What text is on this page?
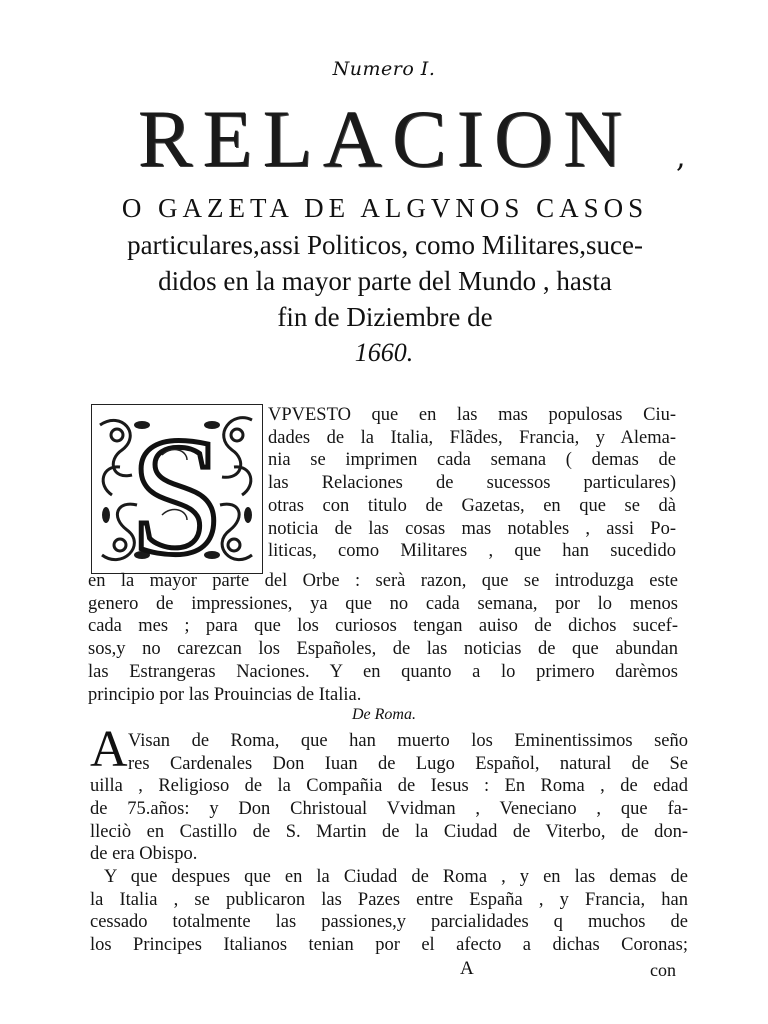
Numero I.
RELACION	,
O GAZETA DE ALGVNOS CASOS
particulares,assi Politicos, como Militares,suce-
didos en la mayor parte del Mundo , hasta
fin de Diziembre de
1660.
S VPVESTO que en las mas populosas Ciu-
dades de la Italia, Flãdes, Francia, y Alema-
nia se imprimen cada semana ( demas de
las Relaciones de sucessos particulares)
otras con titulo de Gazetas, en que se dà
noticia de las cosas mas notables , assi Po-
liticas, como Militares , que han sucedido
en la mayor parte del Orbe : serà razon, que se introduzga este
genero de impressiones, ya que no cada semana, por lo menos
cada mes ; para que los curiosos tengan auiso de dichos sucef-
sos,y no carezcan los Españoles, de las noticias de que abundan
las Estrangeras Naciones. Y en quanto a lo primero darèmos
principio por las Prouincias de Italia.
De Roma.
A Visan de Roma, que han muerto los Eminentissimos seño
res Cardenales Don Iuan de Lugo Español, natural de Se
uilla , Religioso de la Compañia de Iesus : En Roma , de edad
de 75.años: y Don Christoual Vvidman , Veneciano , que fa-
lleciò en Castillo de S. Martin de la Ciudad de Viterbo, de don-
de era Obispo.
Y que despues que en la Ciudad de Roma , y en las demas de
la Italia , se publicaron las Pazes entre España , y Francia, han
cessado totalmente las passiones,y parcialidades q muchos de
los Principes Italianos tenian por el afecto a dichas Coronas;
A	con
